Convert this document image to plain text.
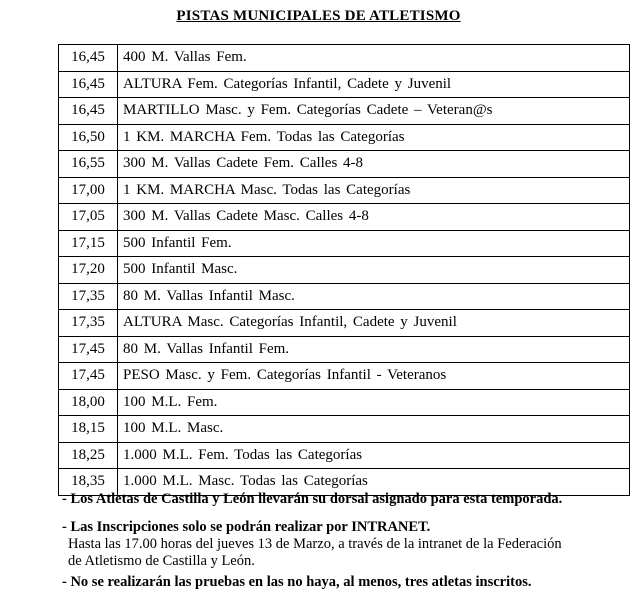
PISTAS MUNICIPALES DE ATLETISMO
16,45	400 M. Vallas Fem.
16,45	ALTURA Fem. Categorías Infantil, Cadete y Juvenil
16,45	MARTILLO Masc. y Fem. Categorías Cadete – Veteran@s
16,50	1 KM. MARCHA Fem. Todas las Categorías
16,55	300 M. Vallas Cadete Fem. Calles 4-8
17,00	1 KM. MARCHA Masc. Todas las Categorías
17,05	300 M. Vallas Cadete Masc. Calles 4-8
17,15	500 Infantil Fem.
17,20	500 Infantil Masc.
17,35	80 M. Vallas Infantil Masc.
17,35	ALTURA Masc. Categorías Infantil, Cadete y Juvenil
17,45	80 M. Vallas Infantil Fem.
17,45	PESO Masc. y Fem. Categorías Infantil - Veteranos
18,00	100 M.L. Fem.
18,15	100 M.L. Masc.
18,25	1.000 M.L. Fem. Todas las Categorías
18,35	1.000 M.L. Masc. Todas las Categorías
- Los Atletas de Castilla y León llevarán su dorsal asignado para esta temporada.
- Las Inscripciones solo se podrán realizar por INTRANET.
Hasta las 17.00 horas del jueves 13 de Marzo, a través de la intranet de la Federación
de Atletismo de Castilla y León.
- No se realizarán las pruebas en las no haya, al menos, tres atletas inscritos.
